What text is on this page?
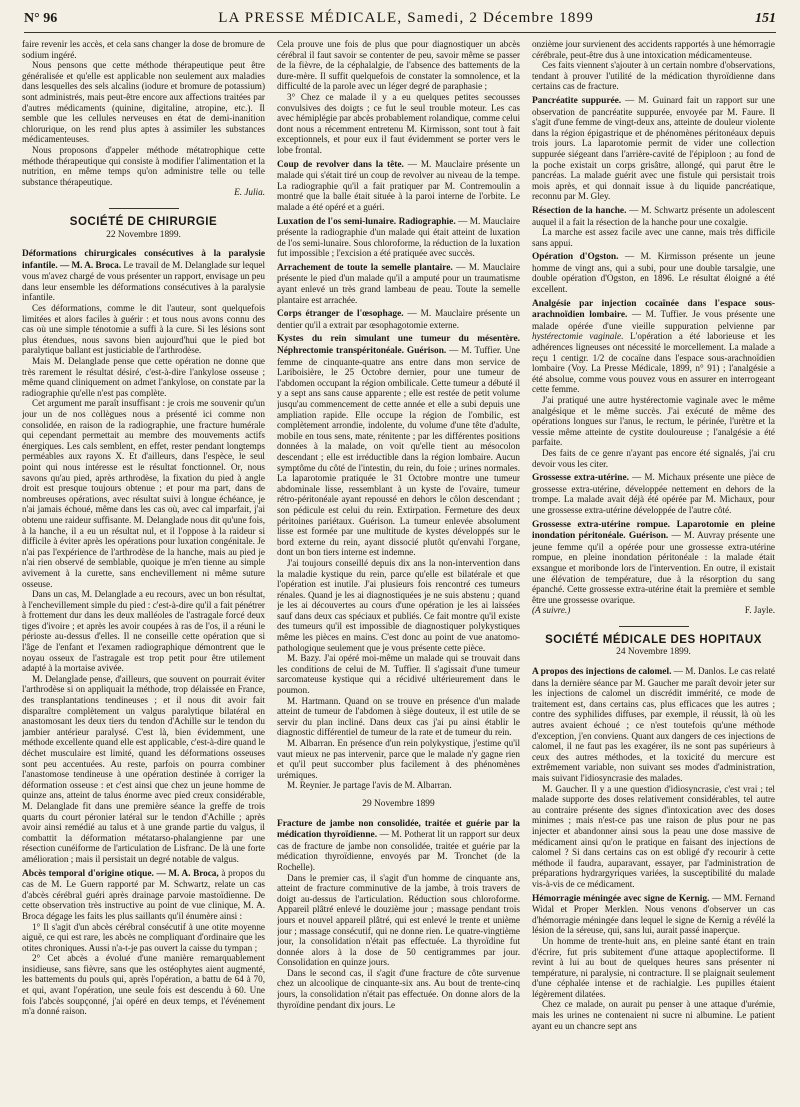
N° 96	LA PRESSE MÉDICALE, Samedi, 2 Décembre 1899	151

faire revenir les accès, et cela sans changer la dose de bromure de sodium ingéré.

Nous pensons que cette méthode thérapeutique peut être généralisée et qu'elle est applicable non seulement aux maladies dans lesquelles des sels alcalins (iodure et bromure de potassium) sont administrés, mais peut-être encore aux affections traitées par d'autres médicaments (quinine, digitaline, atropine, etc.). Il semble que les cellules nerveuses en état de demi-inanition chlorurique, on les rend plus aptes à assimiler les substances médicamenteuses.

Nous proposons d'appeler méthode métatrophique cette méthode thérapeutique qui consiste à modifier l'alimentation et la nutrition, en même temps qu'on administre telle ou telle substance thérapeutique.

E. Julia.

SOCIÉTÉ DE CHIRURGIE

22 Novembre 1899.

Déformations chirurgicales consécutives à la paralysie infantile. — M. A. Broca. Le travail de M. Delanglade sur lequel vous m'avez chargé de vous présenter un rapport, envisage un peu dans leur ensemble les déformations consécutives à la paralysie infantile.

Ces déformations, comme le dit l'auteur, sont quelquefois limitées et alors faciles à guérir : et tous nous avons connu des cas où une simple ténotomie a suffi à la cure. Si les lésions sont plus étendues, nous savons bien aujourd'hui que le pied bot paralytique ballant est justiciable de l'arthrodèse.

Mais M. Delanglade pense que cette opération ne donne que très rarement le résultat désiré, c'est-à-dire l'ankylose osseuse ; même quand cliniquement on admet l'ankylose, on constate par la radiographie qu'elle n'est pas complète.

Cet argument me paraît insuffisant : je crois me souvenir qu'un jour un de nos collègues nous a présenté ici comme non consolidée, en raison de la radiographie, une fracture humérale qui cependant permettait au membre des mouvements actifs énergiques. Les cals semblent, en effet, rester pendant longtemps perméables aux rayons X. Et d'ailleurs, dans l'espèce, le seul point qui nous intéresse est le résultat fonctionnel. Or, nous savons qu'au pied, après arthrodèse, la fixation du pied à angle droit est presque toujours obtenue ; et pour ma part, dans de nombreuses opérations, avec résultat suivi à longue échéance, je n'ai jamais échoué, même dans les cas où, avec cal imparfait, j'ai obtenu une raideur suffisante. M. Delanglade nous dit qu'une fois, à la hanche, il a eu un résultat nul, et il l'oppose à la raideur si difficile à éviter après les opérations pour luxation congénitale. Je n'ai pas l'expérience de l'arthrodèse de la hanche, mais au pied je n'ai rien observé de semblable, quoique je m'en tienne au simple avivement à la curette, sans enchevillement ni même suture osseuse.

Dans un cas, M. Delanglade a eu recours, avec un bon résultat, à l'enchevillement simple du pied : c'est-à-dire qu'il a fait pénétrer à frottement dur dans les deux malléoles de l'astragale forcé deux tiges d'ivoire ; et après les avoir coupées à ras de l'os, il a réuni le périoste au-dessus d'elles. Il ne conseille cette opération que si l'âge de l'enfant et l'examen radiographique démontrent que le noyau osseux de l'astragale est trop petit pour être utilement adapté à la mortaise avivée.

M. Delanglade pense, d'ailleurs, que souvent on pourrait éviter l'arthrodèse si on appliquait la méthode, trop délaissée en France, des transplantations tendineuses ; et il nous dit avoir fait disparaître complètement un valgus paralytique bilatéral en anastomosant les deux tiers du tendon d'Achille sur le tendon du jambier antérieur paralysé. C'est là, bien évidemment, une méthode excellente quand elle est applicable, c'est-à-dire quand le déchet musculaire est limité, quand les déformations osseuses sont peu accentuées. Au reste, parfois on pourra combiner l'anastomose tendineuse à une opération destinée à corriger la déformation osseuse : et c'est ainsi que chez un jeune homme de quinze ans, atteint de talus énorme avec pied creux considérable, M. Delanglade fit dans une première séance la greffe de trois quarts du court péronier latéral sur le tendon d'Achille ; après avoir ainsi remédié au talus et à une grande partie du valgus, il combattit la déformation métatarso-phalangienne par une résection cunéiforme de l'articulation de Lisfranc. De là une forte amélioration ; mais il persistait un degré notable de valgus.

Abcès temporal d'origine otique. — M. A. Broca, à propos du cas de M. Le Guern rapporté par M. Schwartz, relate un cas d'abcès cérébral guéri après drainage parvoie mastoïdienne. De cette observation très instructive au point de vue clinique, M. A. Broca dégage les faits les plus saillants qu'il énumère ainsi :

1° Il s'agit d'un abcès cérébral consécutif à une otite moyenne aiguë, ce qui est rare, les abcès ne compliquant d'ordinaire que les otites chroniques. Aussi n'a-t-je pas ouvert la caisse du tympan ;

2° Cet abcès a évolué d'une manière remarquablement insidieuse, sans fièvre, sans que les ostéophytes aient augmenté, les battements du pouls qui, après l'opération, a battu de 64 à 70, et qui, avant l'opération, une seule fois est descendu à 60. Une fois l'abcès soupçonné, j'ai opéré en deux temps, et l'événement m'a donné raison.

Cela prouve une fois de plus que pour diagnostiquer un abcès cérébral il faut savoir se contenter de peu, savoir même se passer de la fièvre, de la céphalalgie, de l'absence des battements de la dure-mère. Il suffit quelquefois de constater la somnolence, et la difficulté de la parole avec un léger degré de paraphasie ;

3° Chez ce malade il y a eu quelques petites secousses convulsives des doigts ; ce fut le seul trouble moteur. Les cas avec hémiplégie par abcès probablement rolandique, comme celui dont nous a récemment entretenu M. Kirmisson, sont tout à fait exceptionnels, et pour eux il faut évidemment se porter vers le lobe frontal.

Coup de revolver dans la tête. — M. Mauclaire présente un malade qui s'était tiré un coup de revolver au niveau de la tempe. La radiographie qu'il a fait pratiquer par M. Contremoulin a montré que la balle était située à la paroi interne de l'orbite. Le malade a été opéré et a guéri.

Luxation de l'os semi-lunaire. Radiographie. — M. Mauclaire présente la radiographie d'un malade qui était atteint de luxation de l'os semi-lunaire. Sous chloroforme, la réduction de la luxation fut impossible ; l'excision a été pratiquée avec succès.

Arrachement de toute la semelle plantaire. — M. Mauclaire présente le pied d'un malade qu'il a amputé pour un traumatisme ayant enlevé un très grand lambeau de peau. Toute la semelle plantaire est arrachée.

Corps étranger de l'œsophage. — M. Mauclaire présente un dentier qu'il a extrait par œsophagotomie externe.

Kystes du rein simulant une tumeur du mésentère. Néphrectomie transpéritonéale. Guérison. — M. Tuffier. Une femme de cinquante-quatre ans entre dans mon service de Lariboisière, le 25 Octobre dernier, pour une tumeur de l'abdomen occupant la région ombilicale. Cette tumeur a débuté il y a sept ans sans cause apparente ; elle est restée de petit volume jusqu'au commencement de cette année et elle a subi depuis une ampliation rapide. Elle occupe la région de l'ombilic, est complètement arrondie, indolente, du volume d'une tête d'adulte, mobile en tous sens, mate, rénitente ; par les différentes positions données à la malade, on voit qu'elle tient au mésocolon descendant ; elle est irréductible dans la région lombaire. Aucun symptôme du côté de l'intestin, du rein, du foie ; urines normales. La laparotomie pratiquée le 31 Octobre montre une tumeur abdominale lisse, ressemblant à un kyste de l'ovaire, tumeur rétro-péritonéale ayant repoussé en dehors le côlon descendant ; son pédicule est celui du rein. Extirpation. Fermeture des deux péritoines pariétaux. Guérison. La tumeur enlevée absolument lisse est formée par une multitude de kystes développés sur le bord externe du rein, ayant dissocié plutôt qu'envahi l'organe, dont un bon tiers interne est indemne.

J'ai toujours conseillé depuis dix ans la non-intervention dans la maladie kystique du rein, parce qu'elle est bilatérale et que l'opération est inutile. J'ai plusieurs fois rencontré ces tumeurs rénales. Quand je les ai diagnostiquées je ne suis abstenu ; quand je les ai découvertes au cours d'une opération je les ai laissées sauf dans deux cas spéciaux et publiés. Ce fait montre qu'il existe des tumeurs qu'il est impossible de diagnostiquer polykystiques même les pièces en mains. C'est donc au point de vue anatomo-pathologique seulement que je vous présente cette pièce.

M. Bazy. J'ai opéré moi-même un malade qui se trouvait dans les conditions de celui de M. Tuffier. Il s'agissait d'une tumeur sarcomateuse kystique qui a récidivé ultérieurement dans le poumon.

M. Hartmann. Quand on se trouve en présence d'un malade atteint de tumeur de l'abdomen à siège douteux, il est utile de se servir du plan incliné. Dans deux cas j'ai pu ainsi établir le diagnostic différentiel de tumeur de la rate et de tumeur du rein.

M. Albarran. En présence d'un rein polykystique, j'estime qu'il vaut mieux ne pas intervenir, parce que le malade n'y gagne rien et qu'il peut succomber plus facilement à des phénomènes urémiques.

M. Reynier. Je partage l'avis de M. Albarran.

29 Novembre 1899

Fracture de jambe non consolidée, traitée et guérie par la médication thyroïdienne. — M. Potherat lit un rapport sur deux cas de fracture de jambe non consolidée, traitée et guérie par la médication thyroïdienne, envoyés par M. Tronchet (de la Rochelle).

Dans le premier cas, il s'agit d'un homme de cinquante ans, atteint de fracture comminutive de la jambe, à trois travers de doigt au-dessus de l'articulation. Réduction sous chloroforme. Appareil plâtré enlevé le douzième jour ; massage pendant trois jours et nouvel appareil plâtré, qui est enlevé le trente et unième jour ; massage consécutif, qui ne donne rien. Le quatre-vingtième jour, la consolidation n'était pas effectuée. La thyroïdine fut donnée alors à la dose de 50 centigrammes par jour. Consolidation en quinze jours.

Dans le second cas, il s'agit d'une fracture de côte survenue chez un alcoolique de cinquante-six ans. Au bout de trente-cinq jours, la consolidation n'était pas effectuée. On donne alors de la thyroïdine pendant dix jours. Le

onzième jour survienent des accidents rapportés à une hémorragie cérébrale, peut-être dus à une intoxication médicamenteuse.

Ces faits viennent s'ajouter à un certain nombre d'observations, tendant à prouver l'utilité de la médication thyroïdienne dans certains cas de fracture.

Pancréatite suppurée. — M. Guinard fait un rapport sur une observation de pancréatite suppurée, envoyée par M. Faure. Il s'agit d'une femme de vingt-deux ans, atteinte de douleur violente dans la région épigastrique et de phénomènes péritonéaux depuis trois jours. La laparotomie permit de vider une collection suppurée siégeant dans l'arrière-cavité de l'épiploon ; au fond de la poche existait un corps grisâtre, allongé, qui parut être le pancréas. La malade guérit avec une fistule qui persistait trois mois après, et qui donnait issue à du liquide pancréatique, reconnu par M. Gley.

Résection de la hanche. — M. Schwartz présente un adolescent auquel il a fait la résection de la hanche pour une coxalgie.

La marche est assez facile avec une canne, mais très difficile sans appui.

Opération d'Ogston. — M. Kirmisson présente un jeune homme de vingt ans, qui a subi, pour une double tarsalgie, une double opération d'Ogston, en 1896. Le résultat éloigné a été excellent.

Analgésie par injection cocaïnée dans l'espace sous-arachnoïdien lombaire. — M. Tuffier. Je vous présente une malade opérée d'une vieille suppuration pelvienne par hystérectomie vaginale. L'opération a été laborieuse et les adhérences ligneuses ont nécessité le morcellement. La malade a reçu 1 centigr. 1/2 de cocaïne dans l'espace sous-arachnoïdien lombaire (Voy. La Presse Médicale, 1899, n° 91) ; l'analgésie a été absolue, comme vous pouvez vous en assurer en interrogeant cette femme.

J'ai pratiqué une autre hystérectomie vaginale avec le même analgésique et le même succès. J'ai exécuté de même des opérations longues sur l'anus, le rectum, le périnée, l'urètre et la vessie même atteinte de cystite douloureuse ; l'analgésie a été parfaite.

Des faits de ce genre n'ayant pas encore été signalés, j'ai cru devoir vous les citer.

Grossesse extra-utérine. — M. Michaux présente une pièce de grossesse extra-utérine, développée nettement en dehors de la trompe. La malade avait déjà été opérée par M. Michaux, pour une grossesse extra-utérine développée de l'autre côté.

Grossesse extra-utérine rompue. Laparotomie en pleine inondation péritonéale. Guérison. — M. Auvray présente une jeune femme qu'il a opérée pour une grossesse extra-utérine rompue, en pleine inondation péritonéale : la malade était exsangue et moribonde lors de l'intervention. En outre, il existait une élévation de température, due à la résorption du sang épanché. Cette grossesse extra-utérine était la première et semble être une grossesse ovarique.

(A suivre.)	F. Jayle.
SOCIÉTÉ MÉDICALE DES HOPITAUX

24 Novembre 1899.

A propos des injections de calomel. — M. Danlos. Le cas relaté dans la dernière séance par M. Gaucher me paraît devoir jeter sur les injections de calomel un discrédit immérité, ce mode de traitement est, dans certains cas, plus efficaces que les autres ; contre des syphilides diffuses, par exemple, il réussit, là où les autres avaient échoué ; ce n'est toutefois qu'une méthode d'exception, j'en conviens. Quant aux dangers de ces injections de calomel, il ne faut pas les exagérer, ils ne sont pas supérieurs à ceux des autres méthodes, et la toxicité du mercure est extrêmement variable, non suivant ses modes d'administration, mais suivant l'idiosyncrasie des malades.

M. Gaucher. Il y a une question d'idiosyncrasie, c'est vrai ; tel malade supporte des doses relativement considérables, tel autre au contraire présente des signes d'intoxication avec des doses minimes ; mais n'est-ce pas une raison de plus pour ne pas injecter et abandonner ainsi sous la peau une dose massive de médicament ainsi qu'on le pratique en faisant des injections de calomel ? Si dans certains cas on est obligé d'y recourir à cette méthode il faudra, auparavant, essayer, par l'administration de préparations hydrargyriques variées, la susceptibilité du malade vis-à-vis de ce médicament.

Hémorragie méningée avec signe de Kernig. — MM. Fernand Widal et Proper Merklen. Nous venons d'observer un cas d'hémorragie méningée dans lequel le signe de Kernig a révélé la lésion de la séreuse, qui, sans lui, aurait passé inaperçue.

Un homme de trente-huit ans, en pleine santé étant en train d'écrire, fut pris subitement d'une attaque apoplectiforme. Il revint à lui au bout de quelques heures sans présenter ni température, ni paralysie, ni contracture. Il se plaignait seulement d'une céphalée intense et de rachialgie. Les pupilles étaient légèrement dilatées.

Chez ce malade, on aurait pu penser à une attaque d'urémie, mais les urines ne contenaient ni sucre ni albumine. Le patient ayant eu un chancre sept ans
